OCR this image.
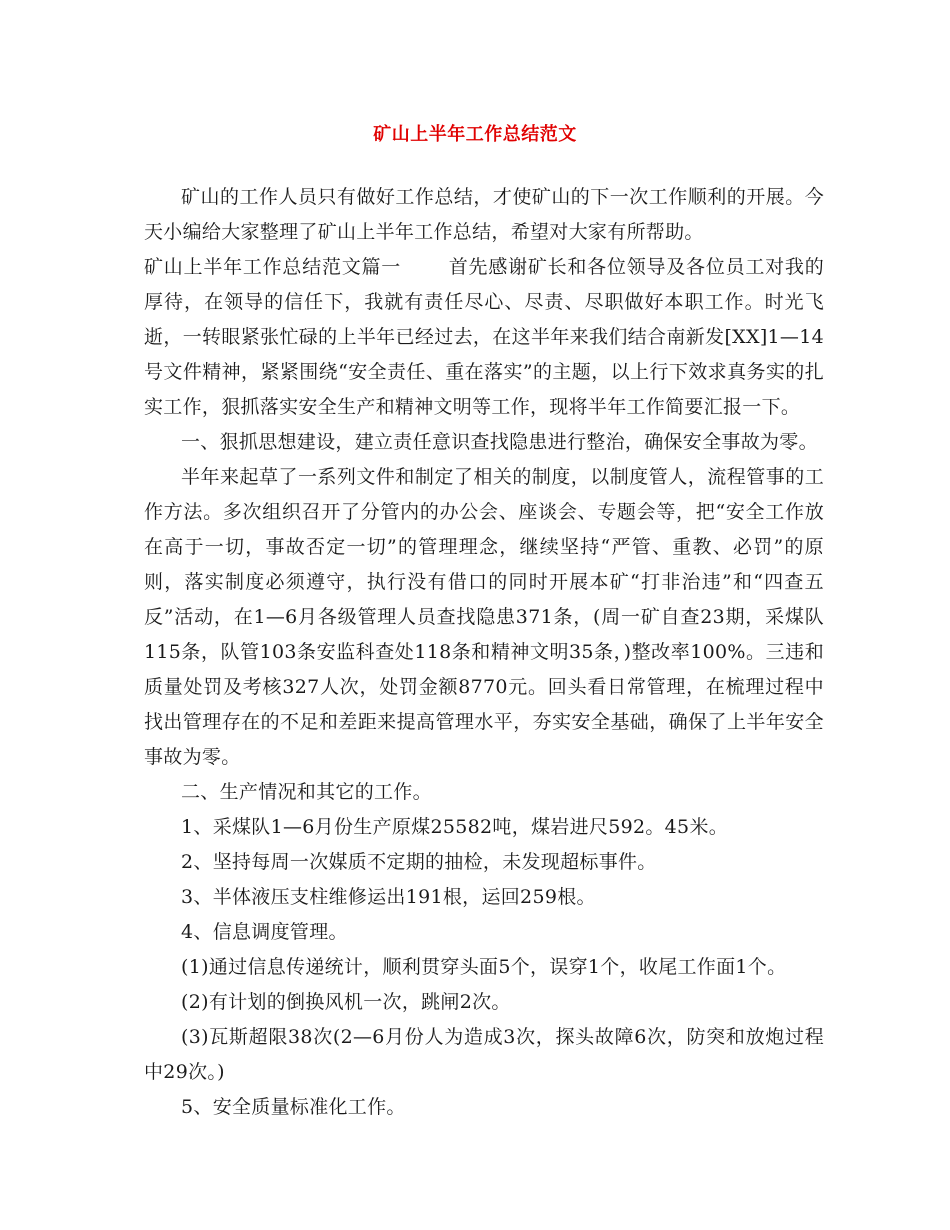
矿山上半年工作总结范文

矿山的工作人员只有做好工作总结，才使矿山的下一次工作顺利的开展。今天小编给大家整理了矿山上半年工作总结，希望对大家有所帮助。

矿山上半年工作总结范文篇一	首先感谢矿长和各位领导及各位员工对我的厚待，在领导的信任下，我就有责任尽心、尽责、尽职做好本职工作。时光飞逝，一转眼紧张忙碌的上半年已经过去，在这半年来我们结合南新发[XX]1—14号文件精神，紧紧围绕“安全责任、重在落实”的主题，以上行下效求真务实的扎实工作，狠抓落实安全生产和精神文明等工作，现将半年工作简要汇报一下。

一、狠抓思想建设，建立责任意识查找隐患进行整治，确保安全事故为零。

半年来起草了一系列文件和制定了相关的制度，以制度管人，流程管事的工作方法。多次组织召开了分管内的办公会、座谈会、专题会等，把“安全工作放在高于一切，事故否定一切”的管理理念，继续坚持“严管、重教、必罚”的原则，落实制度必须遵守，执行没有借口的同时开展本矿“打非治违”和“四查五反”活动，在1—6月各级管理人员查找隐患371条，(周一矿自查23期，采煤队115条，队管103条安监科查处118条和精神文明35条，)整改率100%。三违和质量处罚及考核327人次，处罚金额8770元。回头看日常管理，在梳理过程中找出管理存在的不足和差距来提高管理水平，夯实安全基础，确保了上半年安全事故为零。

二、生产情况和其它的工作。

1、采煤队1—6月份生产原煤25582吨，煤岩进尺592。45米。

2、坚持每周一次媒质不定期的抽检，未发现超标事件。

3、半体液压支柱维修运出191根，运回259根。

4、信息调度管理。

(1)通过信息传递统计，顺利贯穿头面5个，误穿1个，收尾工作面1个。

(2)有计划的倒换风机一次，跳闸2次。

(3)瓦斯超限38次(2—6月份人为造成3次，探头故障6次，防突和放炮过程中29次。)

5、安全质量标准化工作。
